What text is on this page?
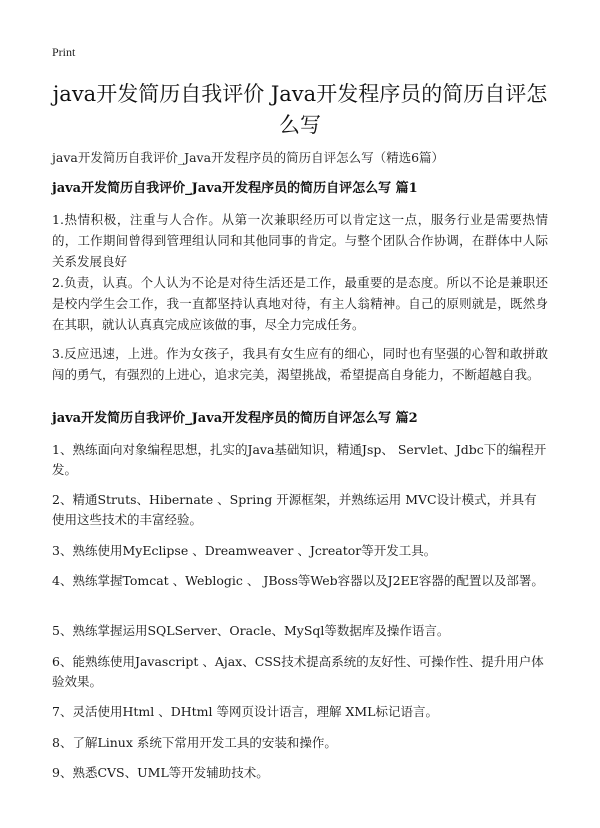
Print
java开发简历自我评价 Java开发程序员的简历自评怎么写

java开发简历自我评价_Java开发程序员的简历自评怎么写（精选6篇）

java开发简历自我评价_Java开发程序员的简历自评怎么写 篇1

1.热情积极，注重与人合作。从第一次兼职经历可以肯定这一点，服务行业是需要热情的，工作期间曾得到管理组认同和其他同事的肯定。与整个团队合作协调，在群体中人际关系发展良好

2.负责，认真。个人认为不论是对待生活还是工作，最重要的是态度。所以不论是兼职还是校内学生会工作，我一直都坚持认真地对待，有主人翁精神。自己的原则就是，既然身在其职，就认认真真完成应该做的事，尽全力完成任务。

3.反应迅速，上进。作为女孩子，我具有女生应有的细心，同时也有坚强的心智和敢拼敢闯的勇气，有强烈的上进心，追求完美，渴望挑战，希望提高自身能力，不断超越自我。

java开发简历自我评价_Java开发程序员的简历自评怎么写 篇2

1、熟练面向对象编程思想，扎实的Java基础知识，精通Jsp、 Servlet、Jdbc下的编程开发。

2、精通Struts、Hibernate 、Spring 开源框架，并熟练运用 MVC设计模式，并具有使用这些技术的丰富经验。

3、熟练使用MyEclipse 、Dreamweaver 、Jcreator等开发工具。

4、熟练掌握Tomcat 、Weblogic 、 JBoss等Web容器以及J2EE容器的配置以及部署。

5、熟练掌握运用SQLServer、Oracle、MySql等数据库及操作语言。

6、能熟练使用Javascript 、Ajax、CSS技术提高系统的友好性、可操作性、提升用户体验效果。

7、灵活使用Html 、DHtml 等网页设计语言，理解 XML标记语言。

8、了解Linux 系统下常用开发工具的安装和操作。

9、熟悉CVS、UML等开发辅助技术。
